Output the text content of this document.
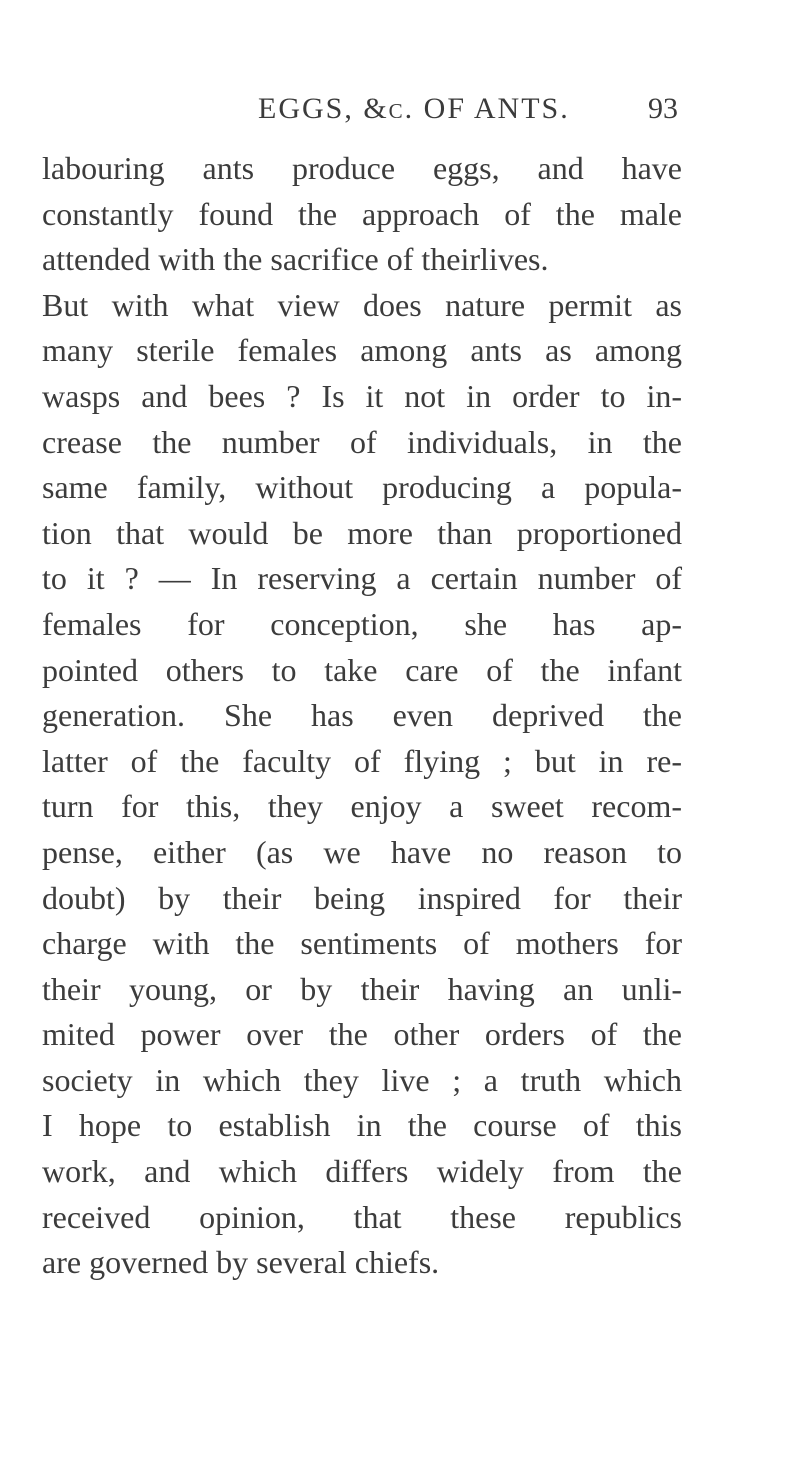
EGGS, &c. OF ANTS.	93
labouring ants produce eggs, and have
constantly found the approach of the male
attended with the sacrifice of theirlives.
But with what view does nature permit as
many sterile females among ants as among
wasps and bees ? Is it not in order to in-
crease the number of individuals, in the
same family, without producing a popula-
tion that would be more than proportioned
to it ? — In reserving a certain number of
females for conception, she has ap-
pointed others to take care of the infant
generation. She has even deprived the
latter of the faculty of flying ; but in re-
turn for this, they enjoy a sweet recom-
pense, either (as we have no reason to
doubt) by their being inspired for their
charge with the sentiments of mothers for
their young, or by their having an unli-
mited power over the other orders of the
society in which they live ; a truth which
I hope to establish in the course of this
work, and which differs widely from the
received opinion, that these republics
are governed by several chiefs.
